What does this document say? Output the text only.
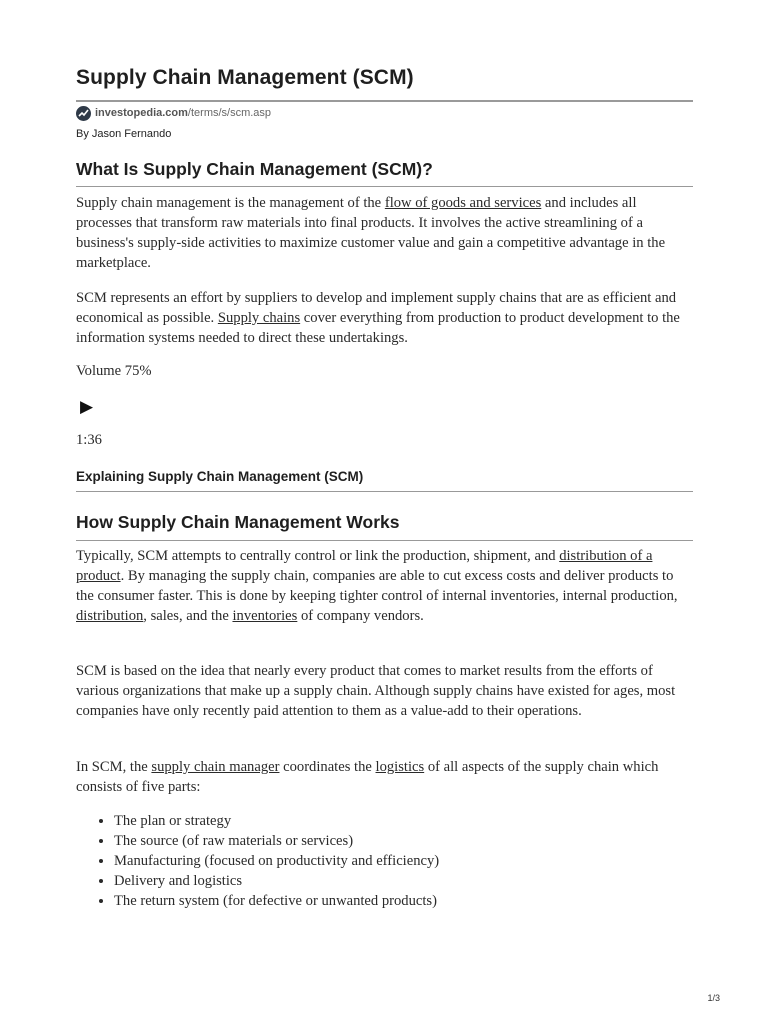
Supply Chain Management (SCM)
investopedia.com/terms/s/scm.asp
By Jason Fernando
What Is Supply Chain Management (SCM)?

Supply chain management is the management of the flow of goods and services and includes all processes that transform raw materials into final products. It involves the active streamlining of a business's supply-side activities to maximize customer value and gain a competitive advantage in the marketplace.

SCM represents an effort by suppliers to develop and implement supply chains that are as efficient and economical as possible. Supply chains cover everything from production to product development to the information systems needed to direct these undertakings.

Volume 75%
▶
1:36
Explaining Supply Chain Management (SCM)
How Supply Chain Management Works

Typically, SCM attempts to centrally control or link the production, shipment, and distribution of a product. By managing the supply chain, companies are able to cut excess costs and deliver products to the consumer faster. This is done by keeping tighter control of internal inventories, internal production, distribution, sales, and the inventories of company vendors.

SCM is based on the idea that nearly every product that comes to market results from the efforts of various organizations that make up a supply chain. Although supply chains have existed for ages, most companies have only recently paid attention to them as a value-add to their operations.

In SCM, the supply chain manager coordinates the logistics of all aspects of the supply chain which consists of five parts:

• The plan or strategy
• The source (of raw materials or services)
• Manufacturing (focused on productivity and efficiency)
• Delivery and logistics
• The return system (for defective or unwanted products)
1/3
